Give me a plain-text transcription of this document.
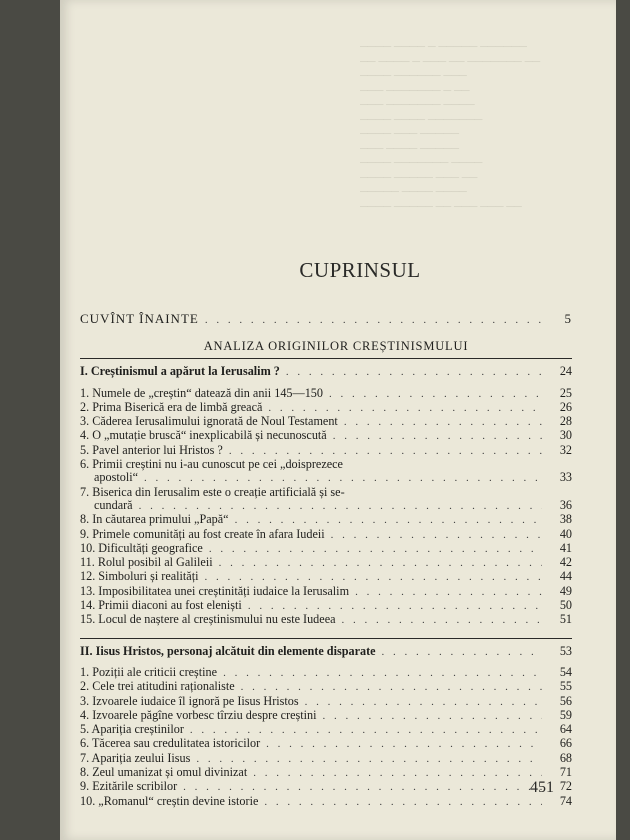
──── ──── ─ ───── ──────
── ──── ─ ─── ── ─────── ──
──── ────── ───
─── ─────── ─ ──
─── ─────── ────
──── ──── ───────
──── ─── ─────
─── ──── ─────
──── ─────── ────
──── ───── ─── ──
───── ──── ────
──── ───── ── ─── ─── ──
CUPRINSUL
CUVÎNT ÎNAINTE . . .	5
ANALIZA ORIGINILOR CREȘTINISMULUI
I. Creștinismul a apărut la Ierusalim ? . . .	24
1. Numele de „creștin“ datează din anii 145—150 . . .	25
2. Prima Biserică era de limbă greacă . . .	26
3. Căderea Ierusalimului ignorată de Noul Testament . . .	28
4. O „mutație bruscă“ inexplicabilă și necunoscută . . .	30
5. Pavel anterior lui Hristos ? . . .	32
6. Primii creștini nu i-au cunoscut pe cei „doisprezece
apostoli“ . . .	33
7. Biserica din Ierusalim este o creație artificială și se-
cundară . . .	36
8. In căutarea primului „Papă“ . . .	38
9. Primele comunități au fost create în afara Iudeii . . .	40
10. Dificultăți geografice . . .	41
11. Rolul posibil al Galileii . . .	42
12. Simboluri și realități . . .	44
13. Imposibilitatea unei creștinități iudaice la Ierusalim . . .	49
14. Primii diaconi au fost eleniști . . .	50
15. Locul de naștere al creștinismului nu este Iudeea . . .	51
II. Iisus Hristos, personaj alcătuit din elemente disparate . . .	53
1. Poziții ale criticii creștine . . .	54
2. Cele trei atitudini raționaliste . . .	55
3. Izvoarele iudaice îl ignoră pe Iisus Hristos . . .	56
4. Izvoarele păgîne vorbesc tîrziu despre creștini . . .	59
5. Apariția creștinilor . . .	64
6. Tăcerea sau credulitatea istoricilor . . .	66
7. Apariția zeului Iisus . . .	68
8. Zeul umanizat și omul divinizat . . .	71
9. Ezitările scribilor . . .	72
10. „Romanul“ creștin devine istorie . . .	74
451
